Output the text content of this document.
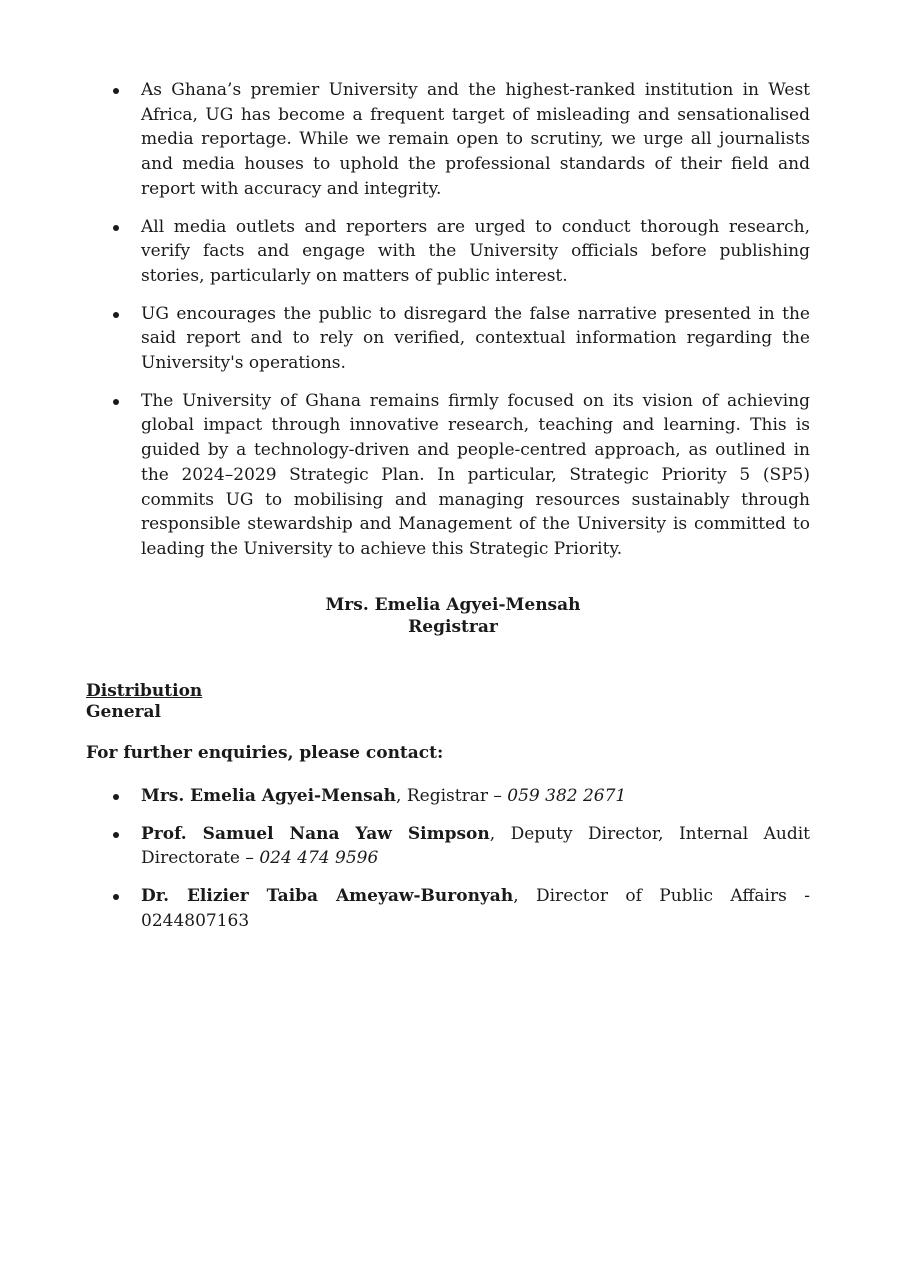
As Ghana’s premier University and the highest-ranked institution in West Africa, UG has become a frequent target of misleading and sensationalised media reportage. While we remain open to scrutiny, we urge all journalists and media houses to uphold the professional standards of their field and report with accuracy and integrity.
All media outlets and reporters are urged to conduct thorough research, verify facts and engage with the University officials before publishing stories, particularly on matters of public interest.
UG encourages the public to disregard the false narrative presented in the said report and to rely on verified, contextual information regarding the University's operations.
The University of Ghana remains firmly focused on its vision of achieving global impact through innovative research, teaching and learning. This is guided by a technology-driven and people-centred approach, as outlined in the 2024–2029 Strategic Plan. In particular, Strategic Priority 5 (SP5) commits UG to mobilising and managing resources sustainably through responsible stewardship and Management of the University is committed to leading the University to achieve this Strategic Priority.
Mrs. Emelia Agyei-Mensah
Registrar
Distribution
General
For further enquiries, please contact:
Mrs. Emelia Agyei-Mensah, Registrar – 059 382 2671
Prof. Samuel Nana Yaw Simpson, Deputy Director, Internal Audit Directorate – 024 474 9596
Dr. Elizier Taiba Ameyaw-Buronyah, Director of Public Affairs - 0244807163
